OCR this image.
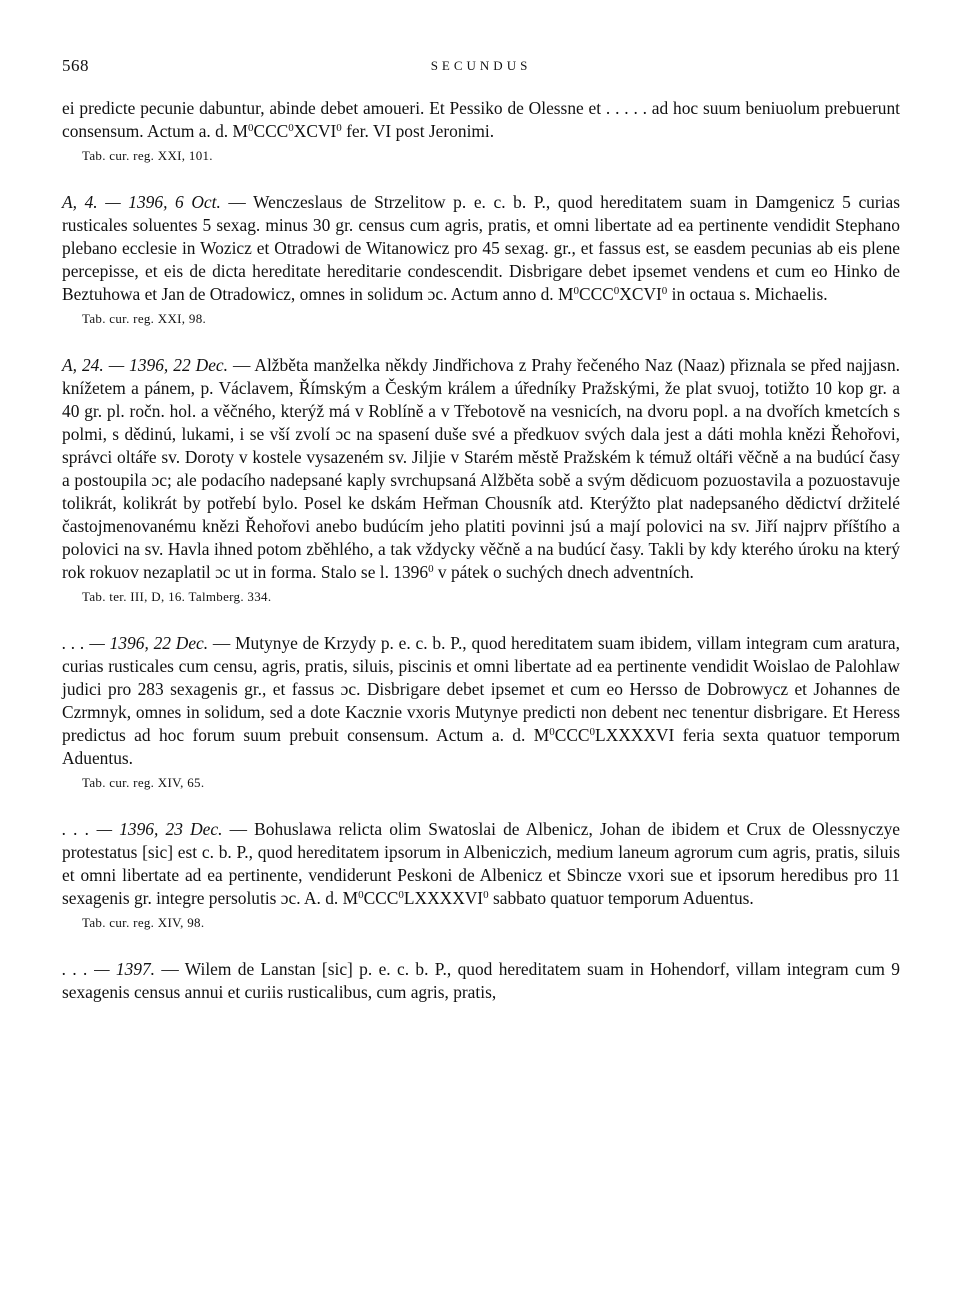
568	SECUNDUS

ei predicte pecunie dabuntur, abinde debet amoueri. Et Pessiko de Olessne et . . . . . ad hoc suum beniuolum prebuerunt consensum. Actum a. d. $M^0CCC^0XCVI^0$ fer. VI post Jeronimi.

Tab. cur. reg. XXI, 101.

A, 4. — 1396, 6 Oct. — Wenczeslaus de Strzelitow p. e. c. b. P., quod hereditatem suam in Damgenicz 5 curias rusticales soluentes 5 sexag. minus 30 gr. census cum agris, pratis, et omni libertate ad ea pertinente vendidit Stephano plebano ecclesie in Wozicz et Otradowi de Witanowicz pro 45 sexag. gr., et fassus est, se easdem pecunias ab eis plene percepisse, et eis de dicta hereditate hereditarie condescendit. Disbrigare debet ipsemet vendens et cum eo Hinko de Beztuhowa et Jan de Otradowicz, omnes in solidum ɔc. Actum anno d. $M^0CCC^0XCVI^0$ in octaua s. Michaelis.

Tab. cur. reg. XXI, 98.

A, 24. — 1396, 22 Dec. — Alžběta manželka někdy Jindřichova z Prahy řečeného Naz (Naaz) přiznala se před najjasn. knížetem a pánem, p. Václavem, Římským a Českým králem a úředníky Pražskými, že plat svuoj, totižto 10 kop gr. a 40 gr. pl. ročn. hol. a věčného, kterýž má v Roblíně a v Třebotově na vesnicích, na dvoru popl. a na dvořích kmetcích s polmi, s dědinú, lukami, i se vší zvolí ɔc na spasení duše své a předkuov svých dala jest a dáti mohla knězi Řehořovi, správci oltáře sv. Doroty v kostele vysazeném sv. Jiljie v Starém městě Pražském k témuž oltáři věčně a na budúcí časy a postoupila ɔc; ale podacího nadepsané kaply svrchupsaná Alžběta sobě a svým dědicuom pozuostavila a pozuostavuje tolikrát, kolikrát by potřebí bylo. Posel ke dskám Heřman Chousník atd. Kterýžto plat nadepsaného dědictví držitelé častojmenovanému knězi Řehořovi anebo budúcím jeho platiti povinni jsú a mají polovici na sv. Jiří najprv příštího a polovici na sv. Havla ihned potom zběhlého, a tak vždycky věčně a na budúcí časy. Takli by kdy kterého úroku na který rok rokuov nezaplatil ɔc ut in forma. Stalo se l. 1396$^0$ v pátek o suchých dnech adventních.

Tab. ter. III, D, 16. Talmberg. 334.

. . . — 1396, 22 Dec. — Mutynye de Krzydy p. e. c. b. P., quod hereditatem suam ibidem, villam integram cum aratura, curias rusticales cum censu, agris, pratis, siluis, piscinis et omni libertate ad ea pertinente vendidit Woislao de Palohlaw judici pro 283 sexagenis gr., et fassus ɔc. Disbrigare debet ipsemet et cum eo Hersso de Dobrowycz et Johannes de Czrmnyk, omnes in solidum, sed a dote Kacznie vxoris Mutynye predicti non debent nec tenentur disbrigare. Et Heress predictus ad hoc forum suum prebuit consensum. Actum a. d. $M^0CCC^0LXXXXVI$ feria sexta quatuor temporum Aduentus.

Tab. cur. reg. XIV, 65.

. . . — 1396, 23 Dec. — Bohuslawa relicta olim Swatoslai de Albenicz, Johan de ibidem et Crux de Olessnyczye protestatus [sic] est c. b. P., quod hereditatem ipsorum in Albeniczich, medium laneum agrorum cum agris, pratis, siluis et omni libertate ad ea pertinente, vendiderunt Peskoni de Albenicz et Sbincze vxori sue et ipsorum heredibus pro 11 sexagenis gr. integre persolutis ɔc. A. d. $M^0CCC^0LXXXXVI^0$ sabbato quatuor temporum Aduentus.

Tab. cur. reg. XIV, 98.

. . . — 1397. — Wilem de Lanstan [sic] p. e. c. b. P., quod hereditatem suam in Hohendorf, villam integram cum 9 sexagenis census annui et curiis rusticalibus, cum agris, pratis,
